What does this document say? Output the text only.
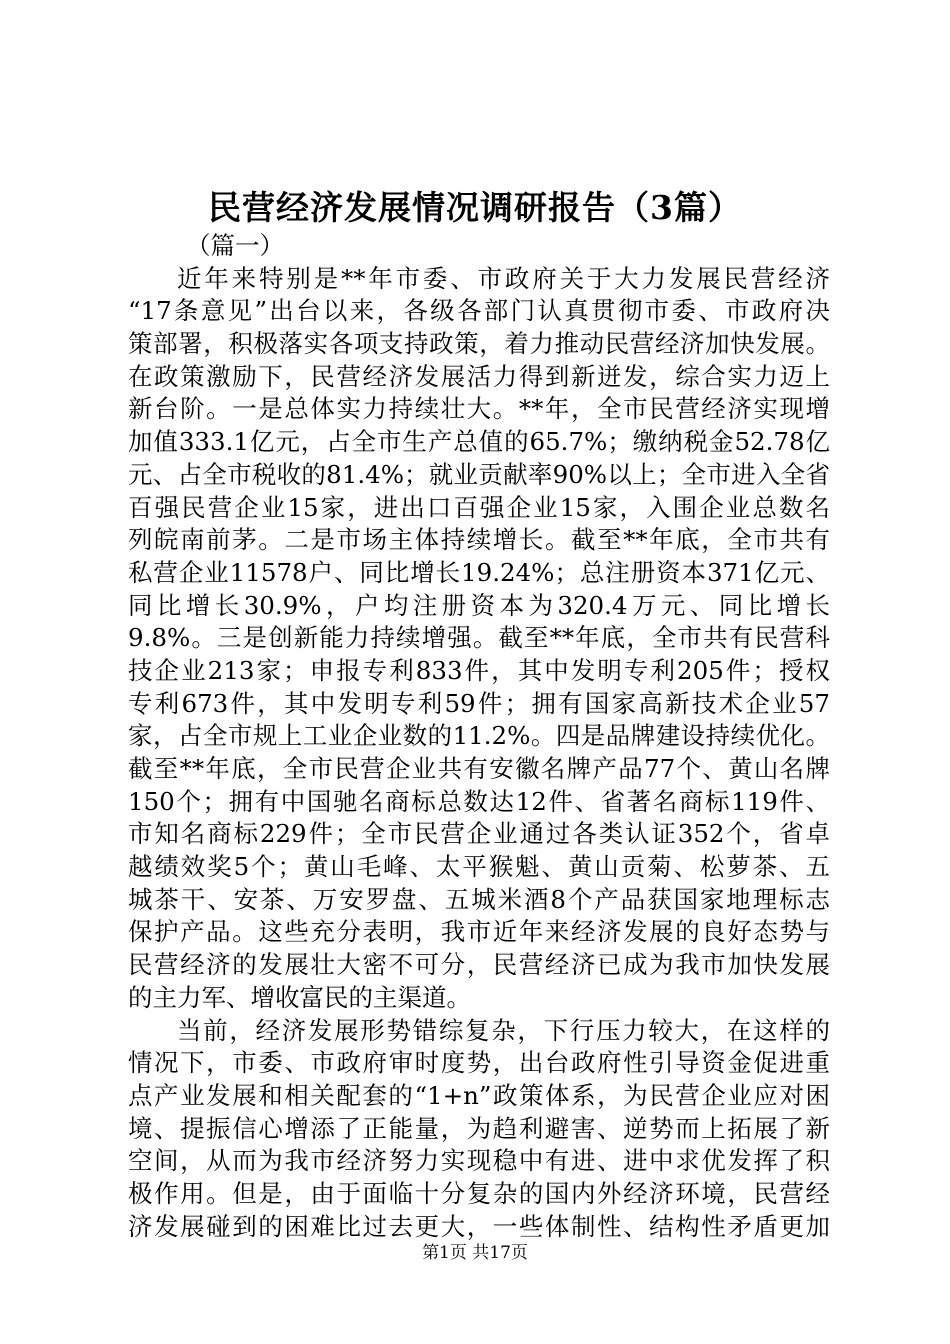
民营经济发展情况调研报告（3篇）
（篇一）
近年来特别是**年市委、市政府关于大力发展民营经济
“17条意见”出台以来，各级各部门认真贯彻市委、市政府决
策部署，积极落实各项支持政策，着力推动民营经济加快发展。
在政策激励下，民营经济发展活力得到新迸发，综合实力迈上
新台阶。一是总体实力持续壮大。**年，全市民营经济实现增
加值333.1亿元，占全市生产总值的65.7%；缴纳税金52.78亿
元、占全市税收的81.4%；就业贡献率90%以上；全市进入全省
百强民营企业15家，进出口百强企业15家，入围企业总数名
列皖南前茅。二是市场主体持续增长。截至**年底，全市共有
私营企业11578户、同比增长19.24%；总注册资本371亿元、
同比增长30.9%，户均注册资本为320.4万元、同比增长
9.8%。三是创新能力持续增强。截至**年底，全市共有民营科
技企业213家；申报专利833件，其中发明专利205件；授权
专利673件，其中发明专利59件；拥有国家高新技术企业57
家，占全市规上工业企业数的11.2%。四是品牌建设持续优化。
截至**年底，全市民营企业共有安徽名牌产品77个、黄山名牌
150个；拥有中国驰名商标总数达12件、省著名商标119件、
市知名商标229件；全市民营企业通过各类认证352个，省卓
越绩效奖5个；黄山毛峰、太平猴魁、黄山贡菊、松萝茶、五
城茶干、安茶、万安罗盘、五城米酒8个产品获国家地理标志
保护产品。这些充分表明，我市近年来经济发展的良好态势与
民营经济的发展壮大密不可分，民营经济已成为我市加快发展
的主力军、增收富民的主渠道。
当前，经济发展形势错综复杂，下行压力较大，在这样的
情况下，市委、市政府审时度势，出台政府性引导资金促进重
点产业发展和相关配套的“1+n”政策体系，为民营企业应对困
境、提振信心增添了正能量，为趋利避害、逆势而上拓展了新
空间，从而为我市经济努力实现稳中有进、进中求优发挥了积
极作用。但是，由于面临十分复杂的国内外经济环境，民营经
济发展碰到的困难比过去更大，一些体制性、结构性矛盾更加
第1页 共17页
